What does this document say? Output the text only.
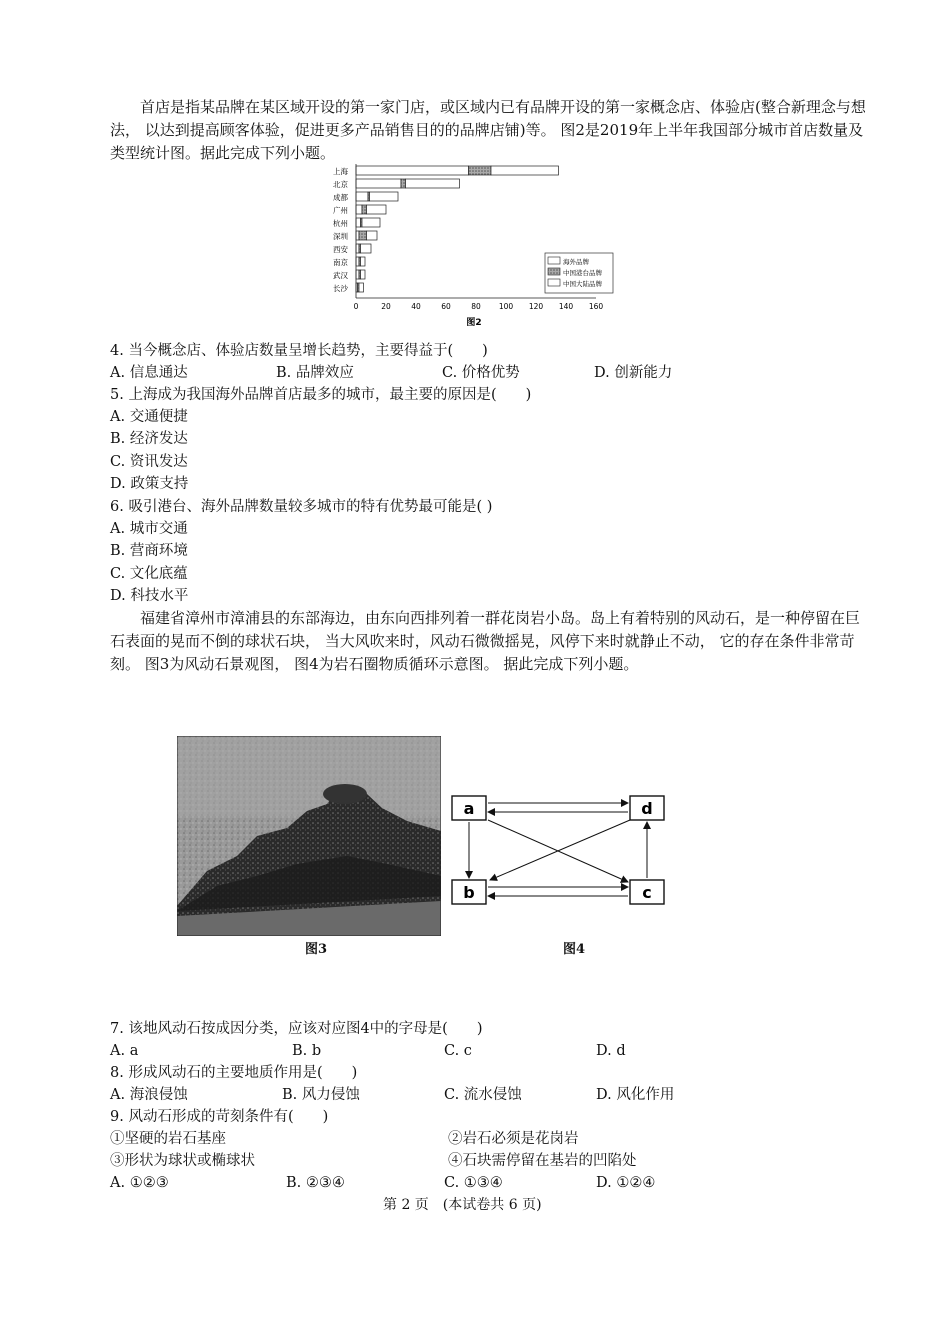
首店是指某品牌在某区域开设的第一家门店，或区域内已有品牌开设的第一家概念店、体验店(整合新理念与想法， 以达到提高顾客体验，促进更多产品销售目的的品牌店铺)等。 图2是2019年上半年我国部分城市首店数量及类型统计图。据此完成下列小题。
上海
北京
成都
广州
杭州
深圳
西安
南京
武汉
长沙
0	20	40	60	80 100 120 140 160
图2
海外品牌
中国港台品牌
中国大陆品牌
4. 当今概念店、体验店数量呈增长趋势，主要得益于(　　)
A. 信息通达	B. 品牌效应	C. 价格优势	D. 创新能力
5. 上海成为我国海外品牌首店最多的城市，最主要的原因是(　　)
A. 交通便捷
B. 经济发达
C. 资讯发达
D. 政策支持
6. 吸引港台、海外品牌数量较多城市的特有优势最可能是( )
A. 城市交通
B. 营商环境
C. 文化底蕴
D. 科技水平
福建省漳州市漳浦县的东部海边，由东向西排列着一群花岗岩小岛。岛上有着特别的风动石，是一种停留在巨石表面的晃而不倒的球状石块， 当大风吹来时，风动石微微摇晃，风停下来时就静止不动， 它的存在条件非常苛刻。 图3为风动石景观图， 图4为岩石圈物质循环示意图。 据此完成下列小题。
图3
a	d
b	c
图4
7. 该地风动石按成因分类，应该对应图4中的字母是(　　)
A. a	B. b	C. c	D. d
8. 形成风动石的主要地质作用是(　　)
A. 海浪侵蚀	B. 风力侵蚀	C. 流水侵蚀	D. 风化作用
9. 风动石形成的苛刻条件有(　　)
①坚硬的岩石基座	②岩石必须是花岗岩
③形状为球状或椭球状	④石块需停留在基岩的凹陷处
A. ①②③	B. ②③④	C. ①③④	D. ①②④
第 2 页　(本试卷共 6 页)
